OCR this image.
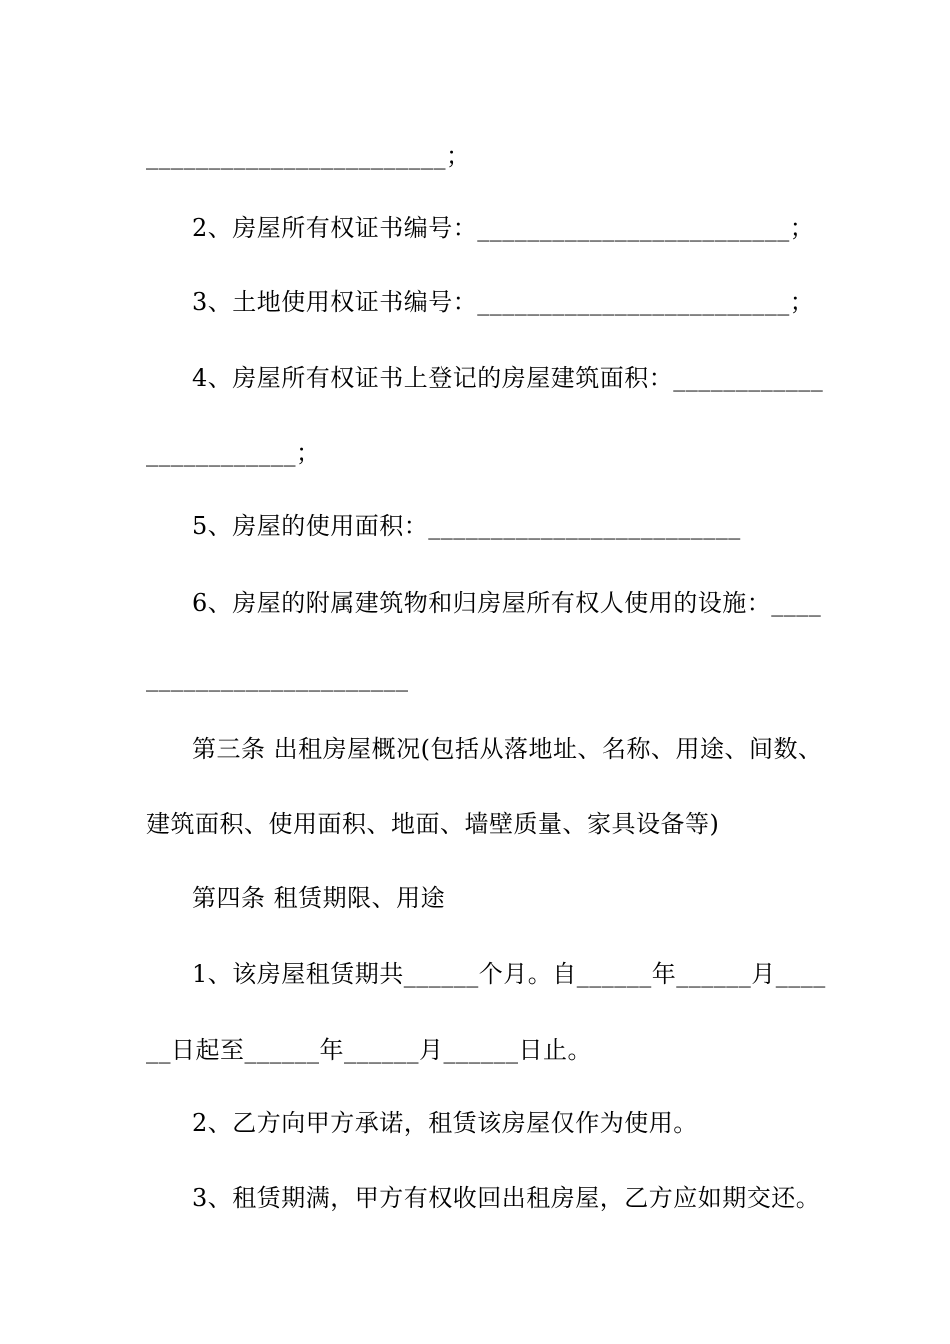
________________________；
2、房屋所有权证书编号：_________________________；
3、土地使用权证书编号：_________________________；
4、房屋所有权证书上登记的房屋建筑面积：____________
____________；
5、房屋的使用面积：_________________________
6、房屋的附属建筑物和归房屋所有权人使用的设施：____
_____________________
第三条 出租房屋概况(包括从落地址、名称、用途、间数、
建筑面积、使用面积、地面、墙壁质量、家具设备等)
第四条 租赁期限、用途
1、该房屋租赁期共______个月。自______年______月____
__日起至______年______月______日止。
2、乙方向甲方承诺，租赁该房屋仅作为使用。
3、租赁期满，甲方有权收回出租房屋，乙方应如期交还。
